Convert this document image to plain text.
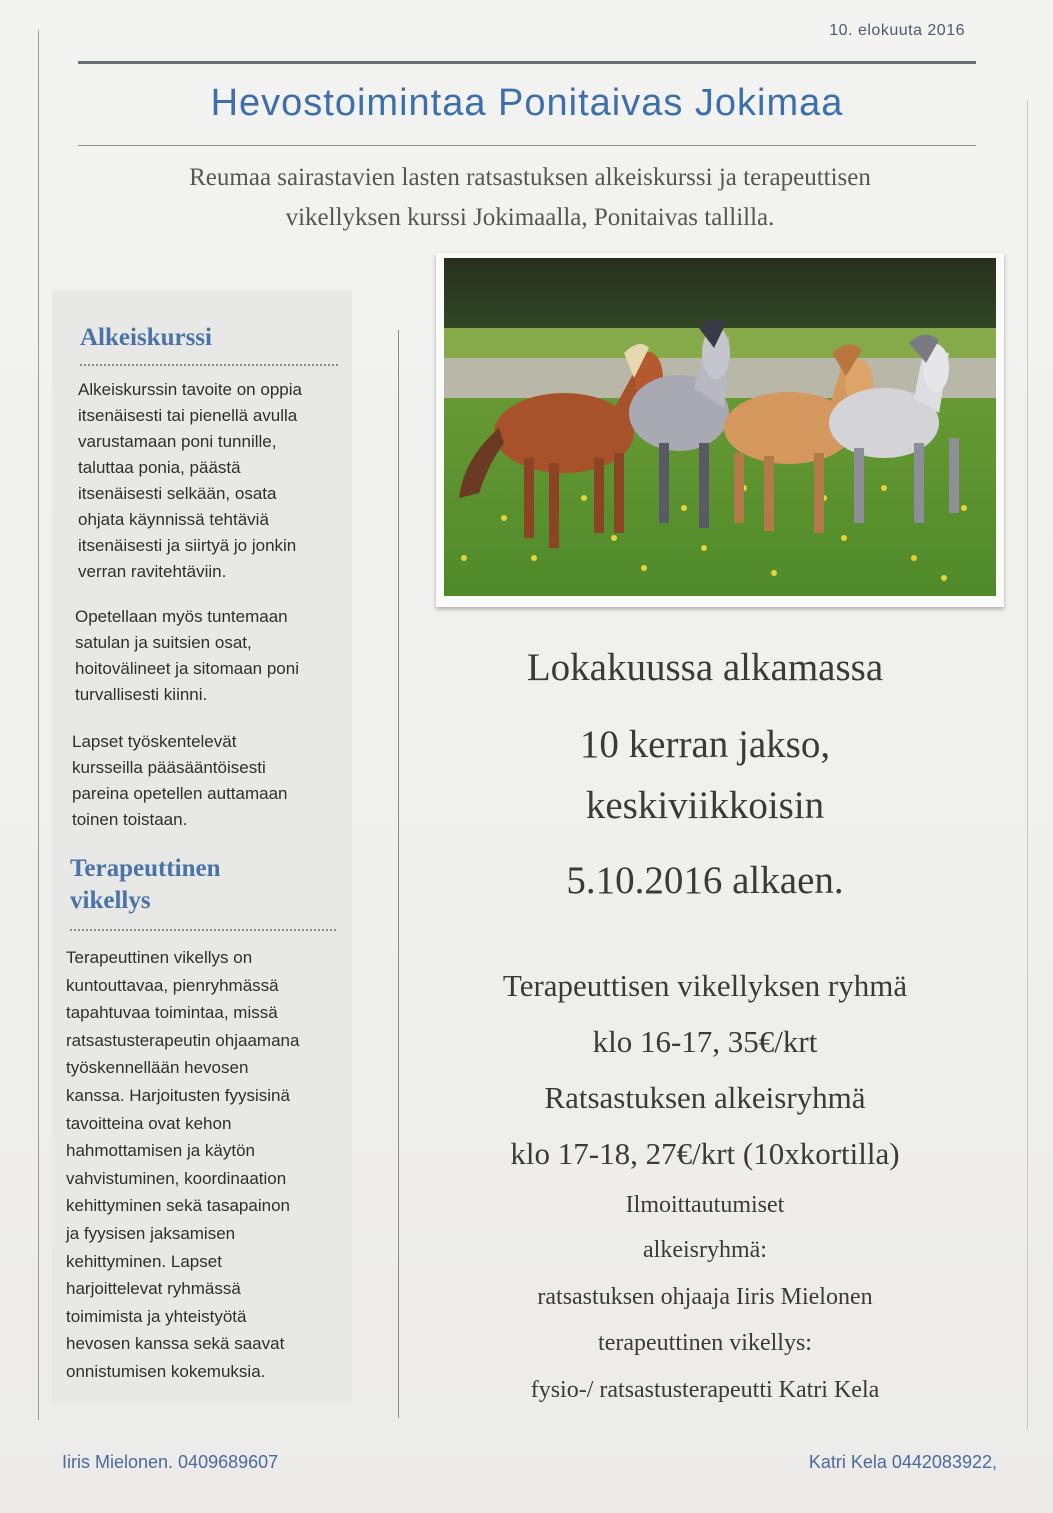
10. elokuuta 2016
Hevostoimintaa Ponitaivas Jokimaa
Reumaa sairastavien lasten ratsastuksen alkeiskurssi ja terapeuttisen
vikellyksen kurssi Jokimaalla, Ponitaivas tallilla.
Alkeiskurssi
Alkeiskurssin tavoite on oppia
itsenäisesti tai pienellä avulla
varustamaan poni tunnille,
taluttaa ponia, päästä
itsenäisesti selkään, osata
ohjata käynnissä tehtäviä
itsenäisesti ja siirtyä jo jonkin
verran ravitehtäviin.
Opetellaan myös tuntemaan
satulan ja suitsien osat,
hoitovälineet ja sitomaan poni
turvallisesti kiinni.
Lapset työskentelevät
kursseilla pääsääntöisesti
pareina opetellen auttamaan
toinen toistaan.
Terapeuttinen
vikellys
Terapeuttinen vikellys on
kuntouttavaa, pienryhmässä
tapahtuvaa toimintaa, missä
ratsastusterapeutin ohjaamana
työskennellään hevosen
kanssa. Harjoitusten fyysisinä
tavoitteina ovat kehon
hahmottamisen ja käytön
vahvistuminen, koordinaation
kehittyminen sekä tasapainon
ja fyysisen jaksamisen
kehittyminen. Lapset
harjoittelevat ryhmässä
toimimista ja yhteistyötä
hevosen kanssa sekä saavat
onnistumisen kokemuksia.

Lokakuussa alkamassa

10 kerran jakso,

keskiviikkoisin

5.10.2016 alkaen.

Terapeuttisen vikellyksen ryhmä

klo 16-17, 35€/krt

Ratsastuksen alkeisryhmä

klo 17-18, 27€/krt (10xkortilla)

Ilmoittautumiset

alkeisryhmä:

ratsastuksen ohjaaja Iiris Mielonen

terapeuttinen vikellys:

fysio-/ ratsastusterapeutti Katri Kela

Iiris Mielonen. 0409689607	Katri Kela 0442083922,
